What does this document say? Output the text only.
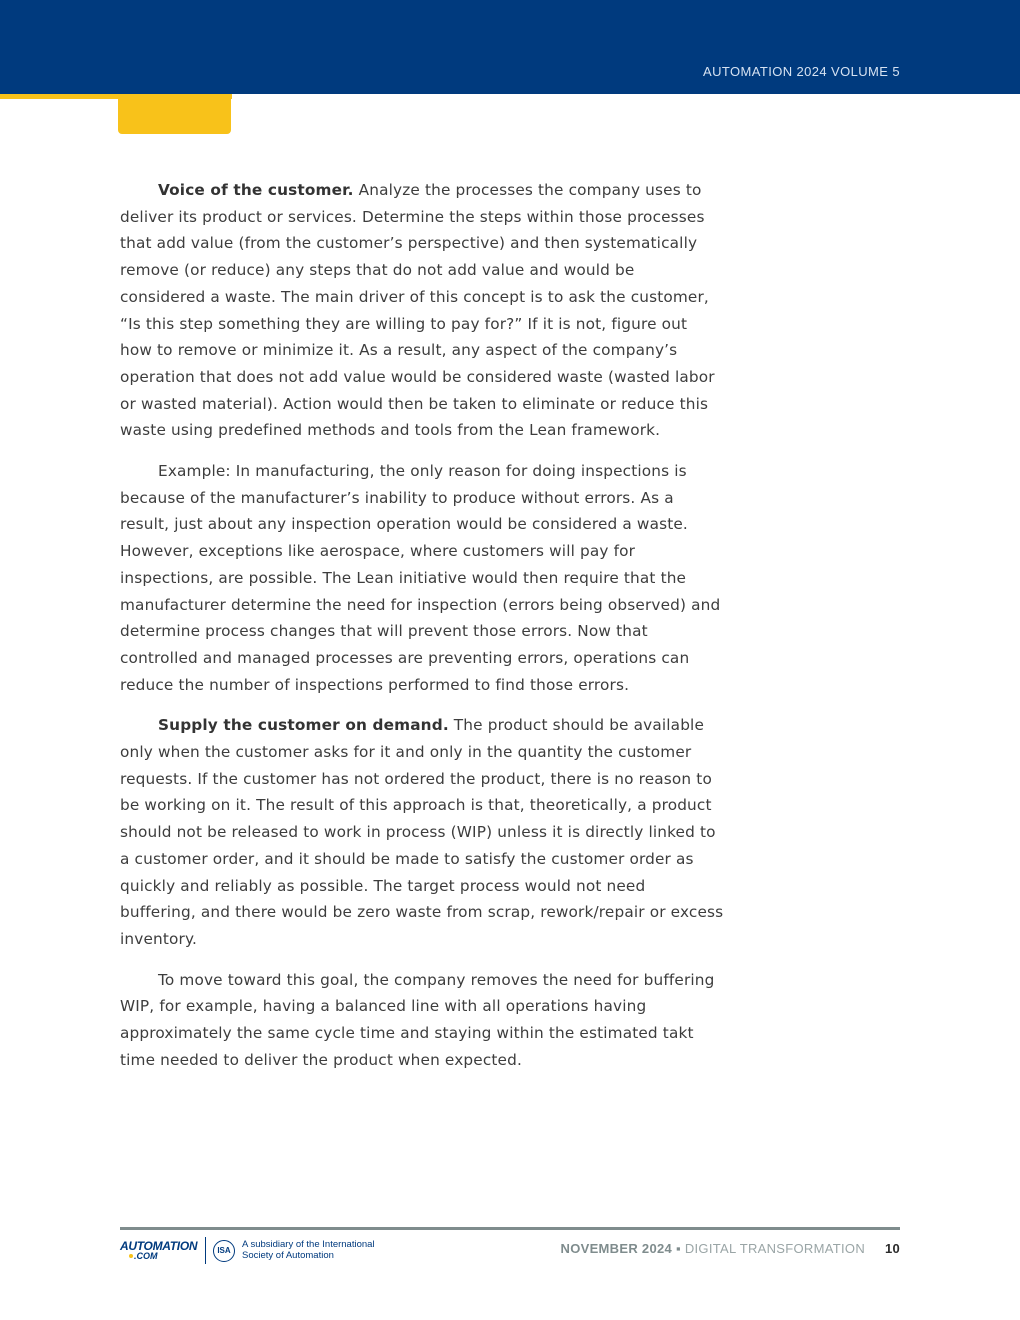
AUTOMATION 2024 VOLUME 5

Voice of the customer. Analyze the processes the company uses to deliver its product or services. Determine the steps within those processes that add value (from the customer’s perspective) and then systematically remove (or reduce) any steps that do not add value and would be considered a waste. The main driver of this concept is to ask the customer, “Is this step something they are willing to pay for?” If it is not, figure out how to remove or minimize it. As a result, any aspect of the company’s operation that does not add value would be considered waste (wasted labor or wasted material). Action would then be taken to eliminate or reduce this waste using predefined methods and tools from the Lean framework.

Example: In manufacturing, the only reason for doing inspections is because of the manufacturer’s inability to produce without errors. As a result, just about any inspection operation would be considered a waste. However, exceptions like aerospace, where customers will pay for inspections, are possible. The Lean initiative would then require that the manufacturer determine the need for inspection (errors being observed) and determine process changes that will prevent those errors. Now that controlled and managed processes are preventing errors, operations can reduce the number of inspections performed to find those errors.

Supply the customer on demand. The product should be available only when the customer asks for it and only in the quantity the customer requests. If the customer has not ordered the product, there is no reason to be working on it. The result of this approach is that, theoretically, a product should not be released to work in process (WIP) unless it is directly linked to a customer order, and it should be made to satisfy the customer order as quickly and reliably as possible. The target process would not need buffering, and there would be zero waste from scrap, rework/repair or excess inventory.

To move toward this goal, the company removes the need for buffering WIP, for example, having a balanced line with all operations having approximately the same cycle time and staying within the estimated takt time needed to deliver the product when expected.

AUTOMATION
.COM
ISA
A subsidiary of the International
Society of Automation	NOVEMBER 2024 ▪ DIGITAL TRANSFORMATION 10
